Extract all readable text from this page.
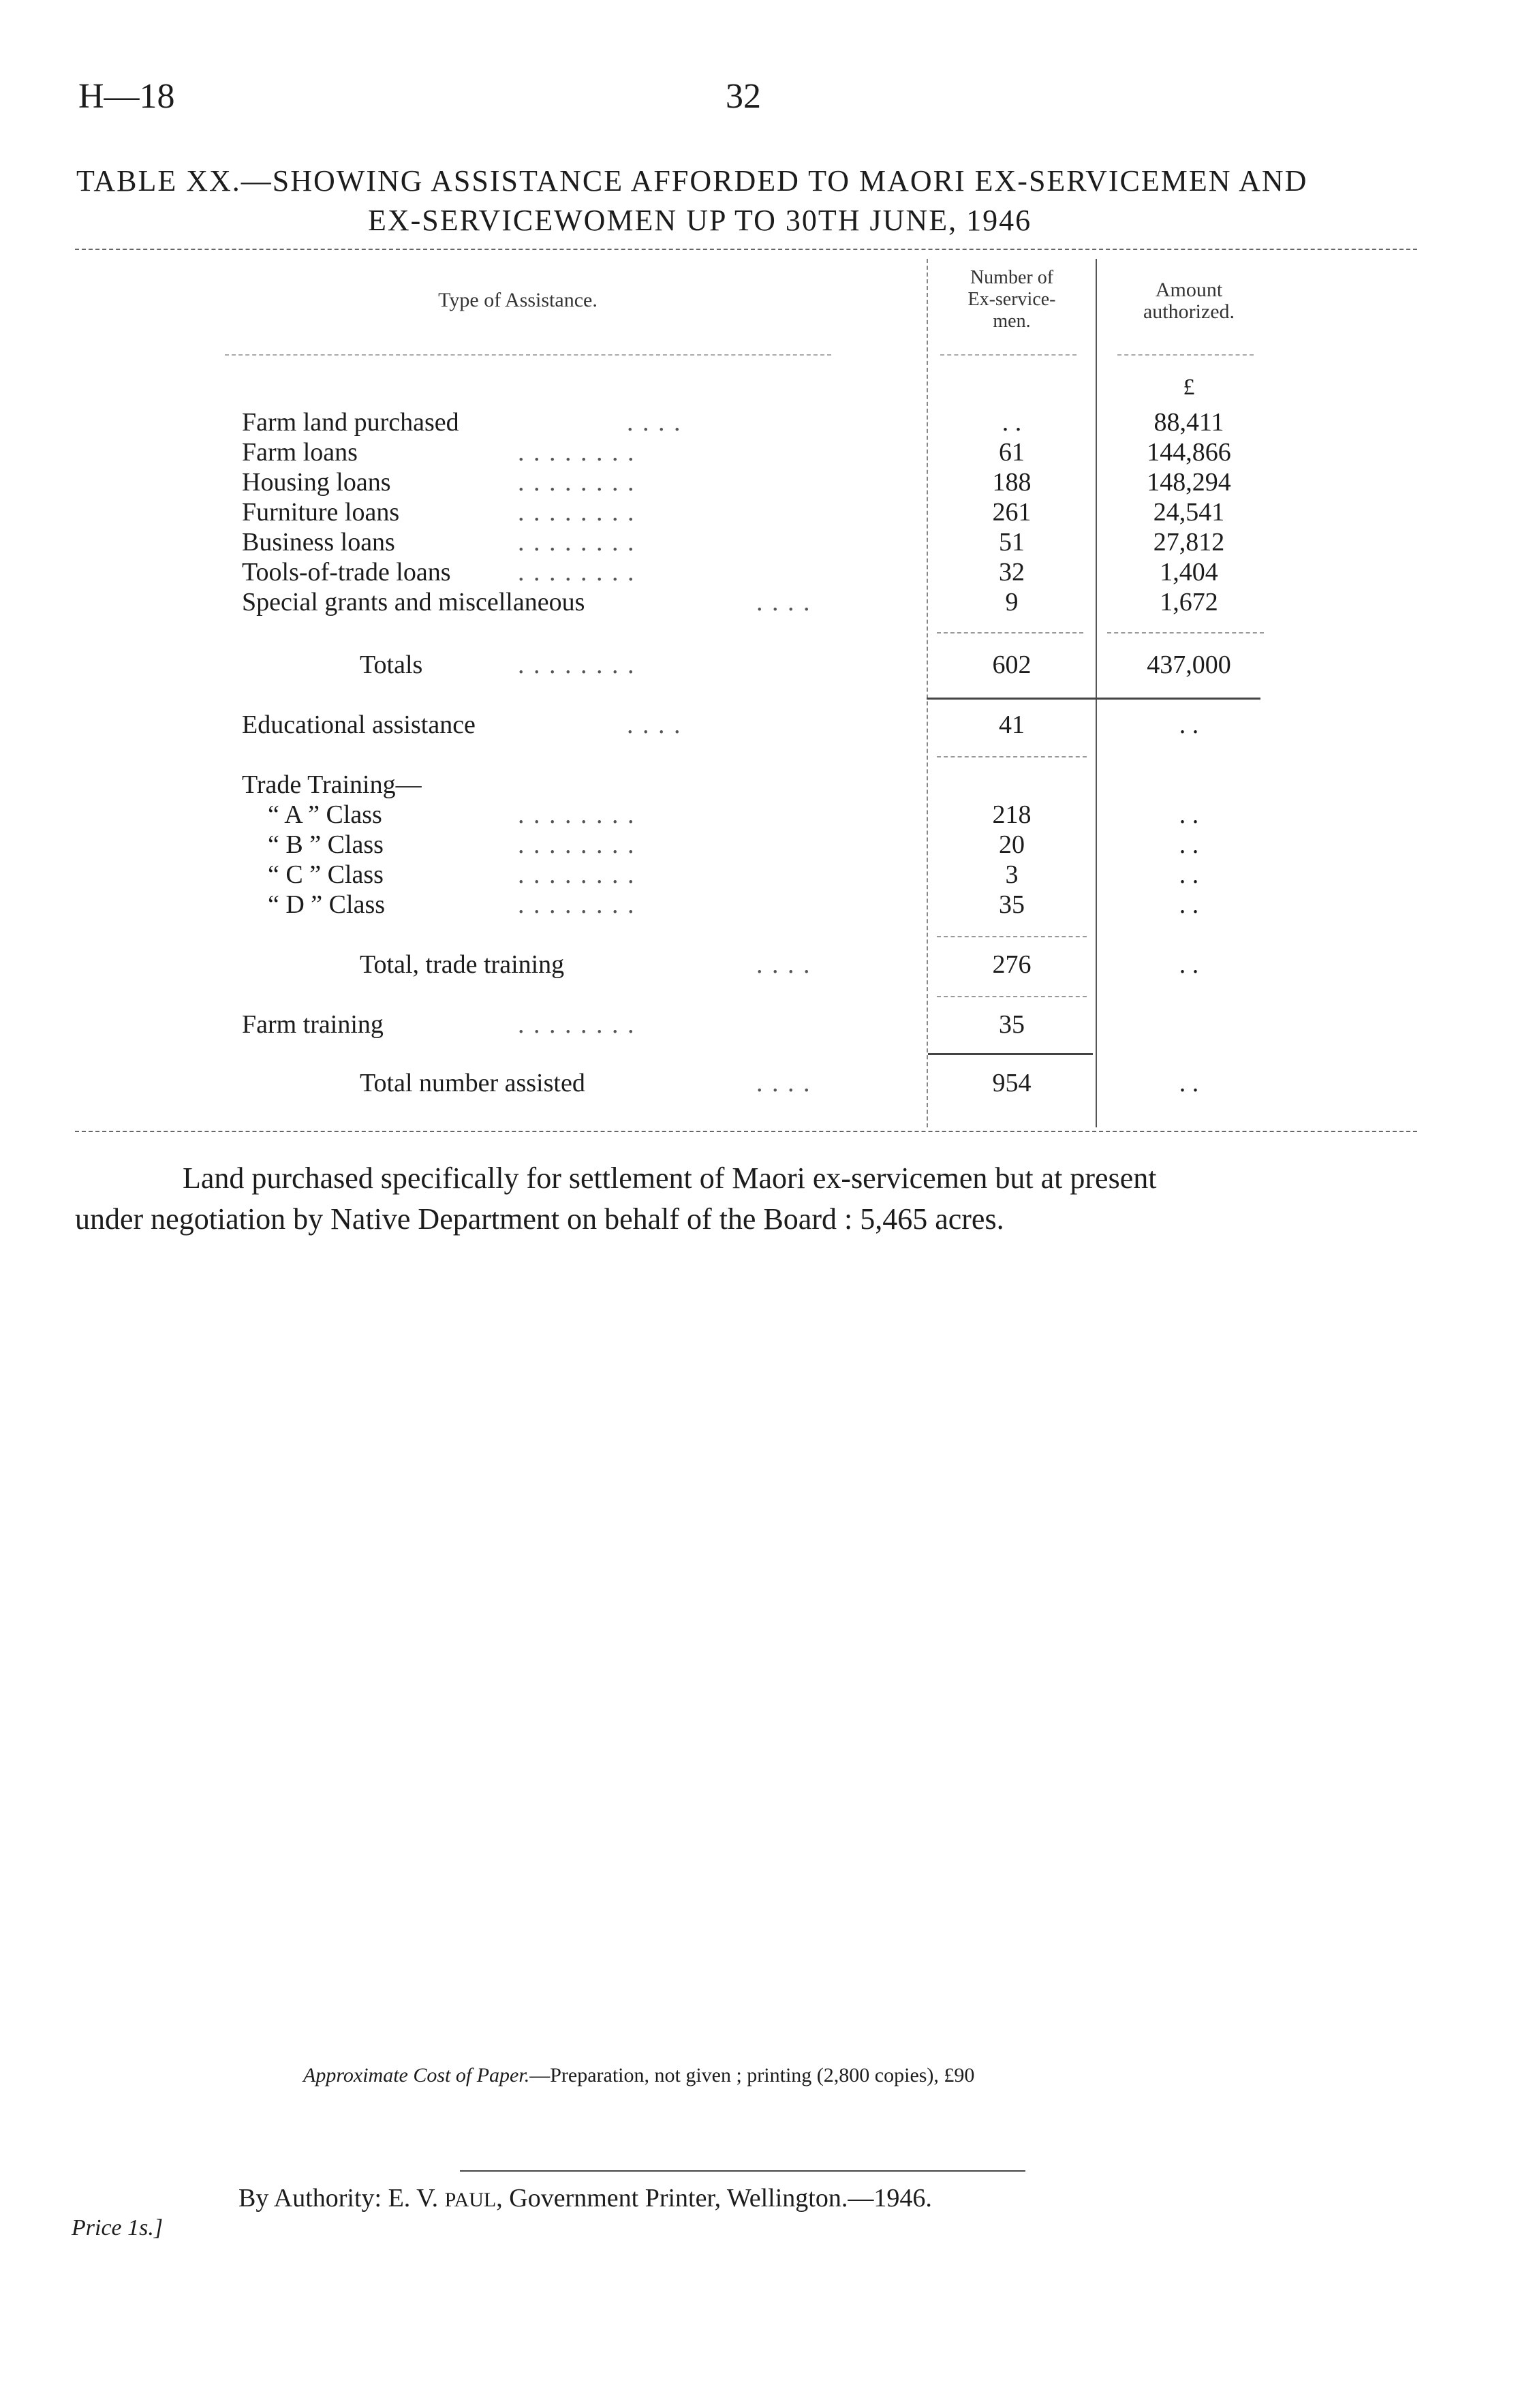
H—18	32
TABLE XX.—SHOWING ASSISTANCE AFFORDED TO MAORI EX-SERVICEMEN AND
EX-SERVICEWOMEN UP TO 30TH JUNE, 1946
Type of Assistance.
Number of
Ex-service-
men.
Amount
authorized.
£
Farm land purchased	. . . .	. .	88,411
Farm loans	. . . . . . . .	61	144,866
Housing loans	. . . . . . . .	188	148,294
Furniture loans	. . . . . . . .	261	24,541
Business loans	. . . . . . . .	51	27,812
Tools-of-trade loans	. . . . . . . .	32	1,404
Special grants and miscellaneous	. . . .	9	1,672
Totals	. . . . . . . .	602	437,000
Educational assistance	. . . .	41	. .
Trade Training—
“ A ” Class	. . . . . . . .	218	. .
“ B ” Class	. . . . . . . .	20	. .
“ C ” Class	. . . . . . . .	3	. .
“ D ” Class	. . . . . . . .	35	. .
Total, trade training	. . . .	276	. .
Farm training	. . . . . . . .	35
Total number assisted	. . . .	954	. .
Land purchased specifically for settlement of Maori ex-servicemen but at present
under negotiation by Native Department on behalf of the Board : 5,465 acres.
Approximate Cost of Paper.—Preparation, not given ; printing (2,800 copies), £90
By Authority: E. V. PAUL, Government Printer, Wellington.—1946.
Price 1s.]
